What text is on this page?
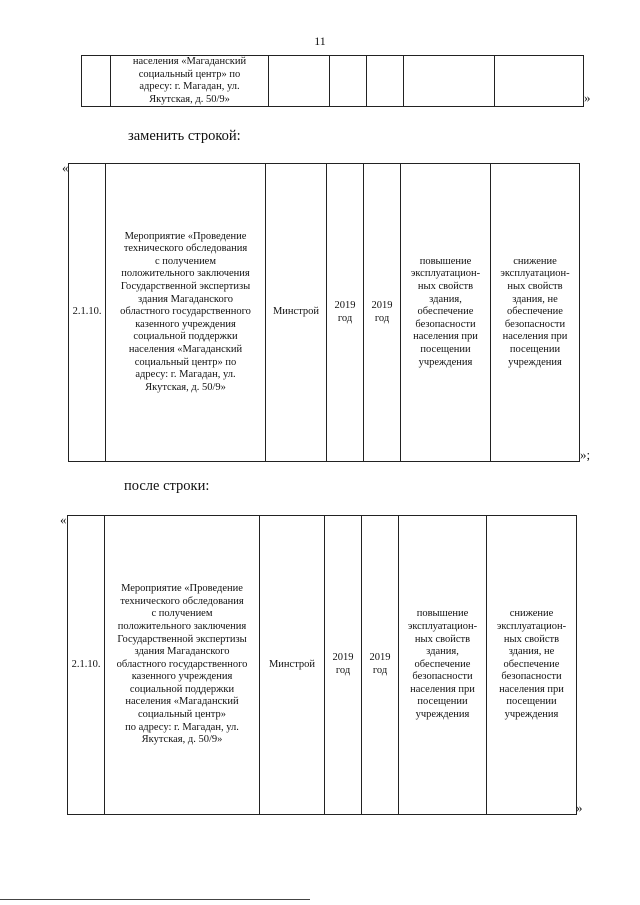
11
	населения «Магаданский
социальный центр» по
адресу: г. Магадан, ул.
Якутская, д. 50/9»						»
заменить строкой:
«
2.1.10.	Мероприятие «Проведение
технического обследования
с получением
положительного заключения
Государственной экспертизы
здания Магаданского
областного государственного
казенного учреждения
социальной поддержки
населения «Магаданский
социальный центр» по
адресу: г. Магадан, ул.
Якутская, д. 50/9»	Минстрой	2019
год	2019
год	повышение
эксплуатацион-
ных свойств
здания,
обеспечение
безопасности
населения при
посещении
учреждения	снижение
эксплуатацион-
ных свойств
здания, не
обеспечение
безопасности
населения при
посещении
учреждения
»;
после строки:
«
2.1.10.	Мероприятие «Проведение
технического обследования
с получением
положительного заключения
Государственной экспертизы
здания Магаданского
областного государственного
казенного учреждения
социальной поддержки
населения «Магаданский
социальный центр»
по адресу: г. Магадан, ул.
Якутская, д. 50/9»	Минстрой	2019
год	2019
год	повышение
эксплуатацион-
ных свойств
здания,
обеспечение
безопасности
населения при
посещении
учреждения	снижение
эксплуатацион-
ных свойств
здания, не
обеспечение
безопасности
населения при
посещении
учреждения
»
